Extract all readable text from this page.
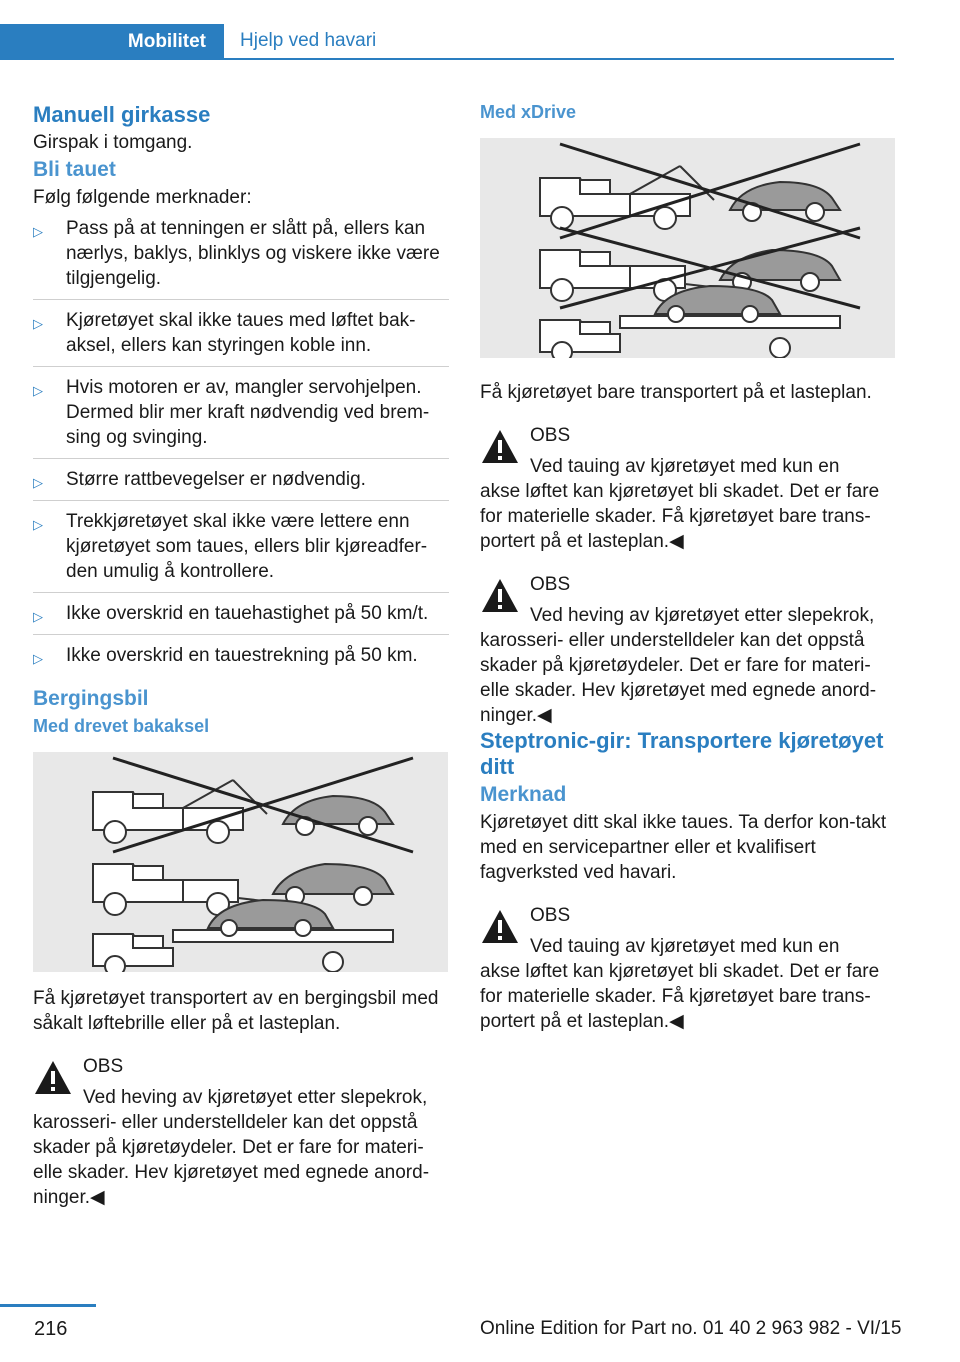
Mobilitet	Hjelp ved havari
Manuell girkasse

Girspak i tomgang.

Bli tauet

Følg følgende merknader:

▷ Pass på at tenningen er slått på, ellers kan nærlys, baklys, blinklys og viskere ikke være tilgjengelig.
▷ Kjøretøyet skal ikke taues med løftet bak-aksel, ellers kan styringen koble inn.
▷ Hvis motoren er av, mangler servohjelpen. Dermed blir mer kraft nødvendig ved brem-sing og svinging.
▷ Større rattbevegelser er nødvendig.
▷ Trekkjøretøyet skal ikke være lettere enn kjøretøyet som taues, ellers blir kjøreadfer-den umulig å kontrollere.
▷ Ikke overskrid en tauehastighet på 50 km/t.
▷ Ikke overskrid en tauestrekning på 50 km.
Bergingsbil
Med drevet bakaksel

Få kjøretøyet transportert av en bergingsbil med såkalt løftebrille eller på et lasteplan.

OBS
Ved heving av kjøretøyet etter slepekrok,
karosseri- eller understelldeler kan det oppstå skader på kjøretøydeler. Det er fare for materi-elle skader. Hev kjøretøyet med egnede anord-ninger.◀
Med xDrive

Få kjøretøyet bare transportert på et lasteplan.

OBS
Ved tauing av kjøretøyet med kun en
akse løftet kan kjøretøyet bli skadet. Det er fare for materielle skader. Få kjøretøyet bare trans-portert på et lasteplan.◀
OBS
Ved heving av kjøretøyet etter slepekrok,
karosseri- eller understelldeler kan det oppstå skader på kjøretøydeler. Det er fare for materi-elle skader. Hev kjøretøyet med egnede anord-ninger.◀
Steptronic-gir: Transportere kjøretøyet ditt
Merknad

Kjøretøyet ditt skal ikke taues. Ta derfor kon-takt med en servicepartner eller et kvalifisert fagverksted ved havari.

OBS
Ved tauing av kjøretøyet med kun en
akse løftet kan kjøretøyet bli skadet. Det er fare for materielle skader. Få kjøretøyet bare trans-portert på et lasteplan.◀
216	Online Edition for Part no. 01 40 2 963 982 - VI/15
